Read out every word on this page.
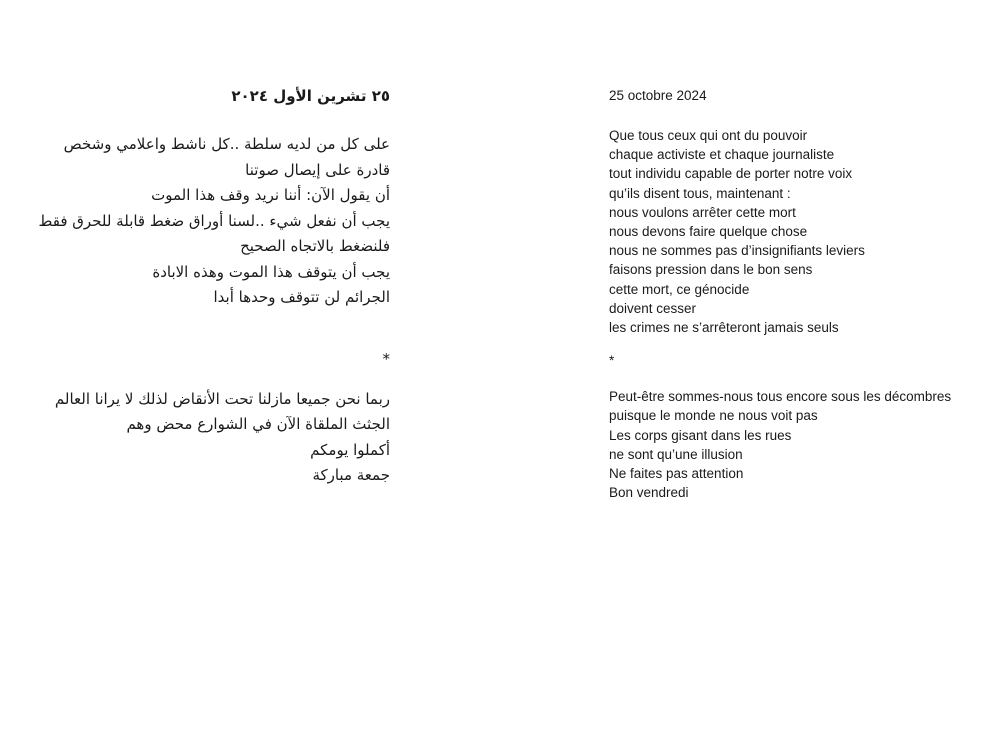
٢٥ تشرين الأول ٢٠٢٤
على كل من لديه سلطة ..كل ناشط واعلامي وشخص
قادرة على إيصال صوتنا
أن يقول الآن: أننا نريد وقف هذا الموت
يجب أن نفعل شيء ..لسنا أوراق ضغط قابلة للحرق فقط
فلنضغط بالاتجاه الصحيح
يجب أن يتوقف هذا الموت وهذه الابادة
الجرائم لن تتوقف وحدها أبدا
*
ربما نحن جميعا مازلنا تحت الأنقاض لذلك لا يرانا العالم
الجثث الملقاة الآن في الشوارع محض وهم
أكملوا يومكم
جمعة مباركة
25 octobre 2024
Que tous ceux qui ont du pouvoir
chaque activiste et chaque journaliste
tout individu capable de porter notre voix
qu’ils disent tous, maintenant :
nous voulons arrêter cette mort
nous devons faire quelque chose
nous ne sommes pas d’insignifiants leviers
faisons pression dans le bon sens
cette mort, ce génocide
doivent cesser
les crimes ne s’arrêteront jamais seuls
*
Peut-être sommes-nous tous encore sous les décombres
puisque le monde ne nous voit pas
Les corps gisant dans les rues
ne sont qu’une illusion
Ne faites pas attention
Bon vendredi
